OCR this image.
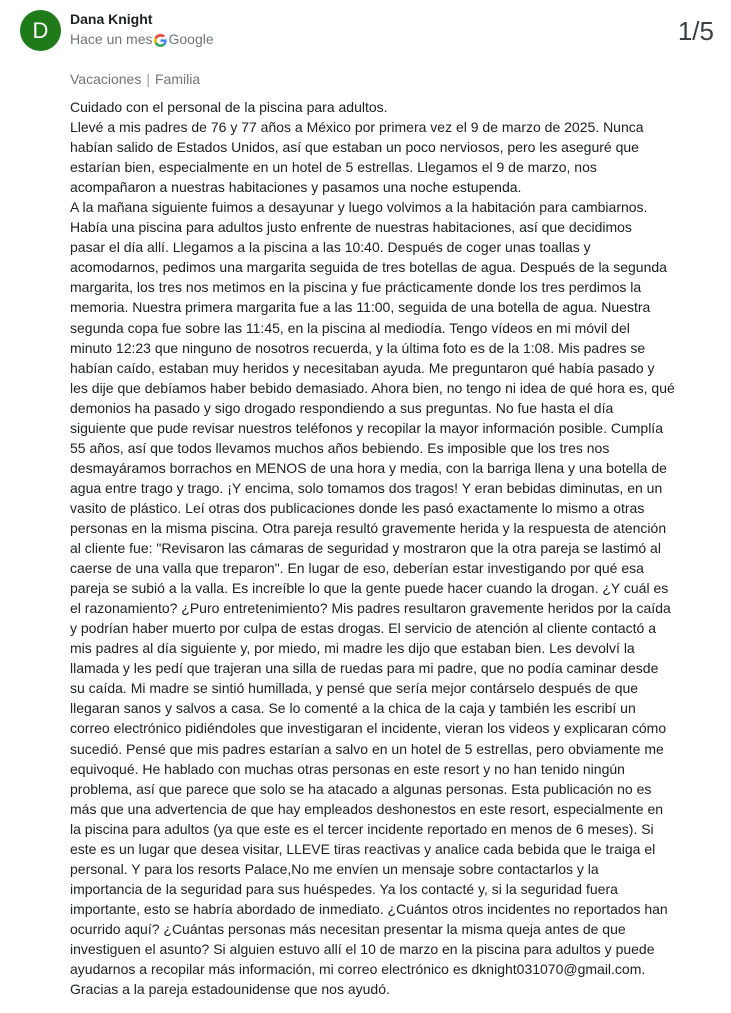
D	Dana Knight
Hace un mes Google	1/5
Vacaciones | Familia
Cuidado con el personal de la piscina para adultos.
Llevé a mis padres de 76 y 77 años a México por primera vez el 9 de marzo de 2025. Nunca
habían salido de Estados Unidos, así que estaban un poco nerviosos, pero les aseguré que
estarían bien, especialmente en un hotel de 5 estrellas. Llegamos el 9 de marzo, nos
acompañaron a nuestras habitaciones y pasamos una noche estupenda.
A la mañana siguiente fuimos a desayunar y luego volvimos a la habitación para cambiarnos.
Había una piscina para adultos justo enfrente de nuestras habitaciones, así que decidimos
pasar el día allí. Llegamos a la piscina a las 10:40. Después de coger unas toallas y
acomodarnos, pedimos una margarita seguida de tres botellas de agua. Después de la segunda
margarita, los tres nos metimos en la piscina y fue prácticamente donde los tres perdimos la
memoria. Nuestra primera margarita fue a las 11:00, seguida de una botella de agua. Nuestra
segunda copa fue sobre las 11:45, en la piscina al mediodía. Tengo vídeos en mi móvil del
minuto 12:23 que ninguno de nosotros recuerda, y la última foto es de la 1:08. Mis padres se
habían caído, estaban muy heridos y necesitaban ayuda. Me preguntaron qué había pasado y
les dije que debíamos haber bebido demasiado. Ahora bien, no tengo ni idea de qué hora es, qué
demonios ha pasado y sigo drogado respondiendo a sus preguntas. No fue hasta el día
siguiente que pude revisar nuestros teléfonos y recopilar la mayor información posible. Cumplía
55 años, así que todos llevamos muchos años bebiendo. Es imposible que los tres nos
desmayáramos borrachos en MENOS de una hora y media, con la barriga llena y una botella de
agua entre trago y trago. ¡Y encima, solo tomamos dos tragos! Y eran bebidas diminutas, en un
vasito de plástico. Leí otras dos publicaciones donde les pasó exactamente lo mismo a otras
personas en la misma piscina. Otra pareja resultó gravemente herida y la respuesta de atención
al cliente fue: "Revisaron las cámaras de seguridad y mostraron que la otra pareja se lastimó al
caerse de una valla que treparon". En lugar de eso, deberían estar investigando por qué esa
pareja se subió a la valla. Es increíble lo que la gente puede hacer cuando la drogan. ¿Y cuál es
el razonamiento? ¿Puro entretenimiento? Mis padres resultaron gravemente heridos por la caída
y podrían haber muerto por culpa de estas drogas. El servicio de atención al cliente contactó a
mis padres al día siguiente y, por miedo, mi madre les dijo que estaban bien. Les devolví la
llamada y les pedí que trajeran una silla de ruedas para mi padre, que no podía caminar desde
su caída. Mi madre se sintió humillada, y pensé que sería mejor contárselo después de que
llegaran sanos y salvos a casa. Se lo comenté a la chica de la caja y también les escribí un
correo electrónico pidiéndoles que investigaran el incidente, vieran los videos y explicaran cómo
sucedió. Pensé que mis padres estarían a salvo en un hotel de 5 estrellas, pero obviamente me
equivoqué. He hablado con muchas otras personas en este resort y no han tenido ningún
problema, así que parece que solo se ha atacado a algunas personas. Esta publicación no es
más que una advertencia de que hay empleados deshonestos en este resort, especialmente en
la piscina para adultos (ya que este es el tercer incidente reportado en menos de 6 meses). Si
este es un lugar que desea visitar, LLEVE tiras reactivas y analice cada bebida que le traiga el
personal. Y para los resorts Palace,No me envíen un mensaje sobre contactarlos y la
importancia de la seguridad para sus huéspedes. Ya los contacté y, si la seguridad fuera
importante, esto se habría abordado de inmediato. ¿Cuántos otros incidentes no reportados han
ocurrido aquí? ¿Cuántas personas más necesitan presentar la misma queja antes de que
investiguen el asunto? Si alguien estuvo allí el 10 de marzo en la piscina para adultos y puede
ayudarnos a recopilar más información, mi correo electrónico es dknight031070@gmail.com.
Gracias a la pareja estadounidense que nos ayudó.
